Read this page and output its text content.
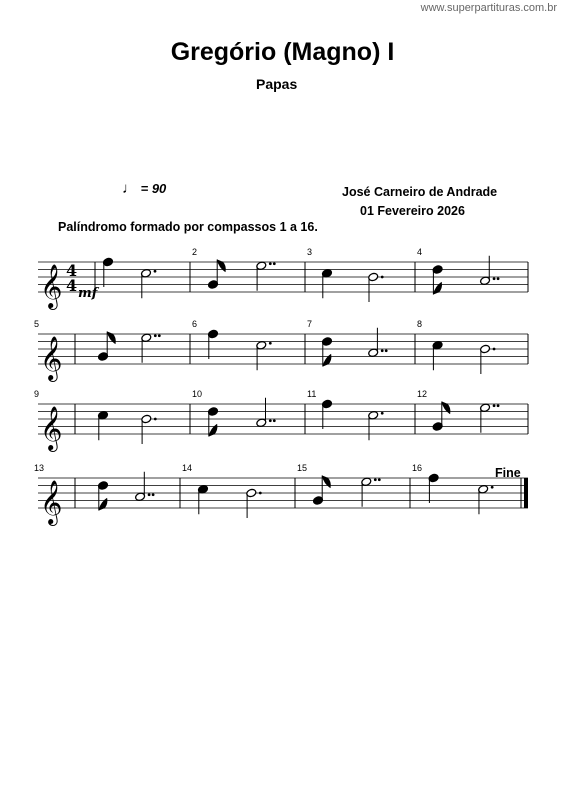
www.superpartituras.com.br
Gregório (Magno) I
Papas
♩ = 90	José Carneiro de Andrade
01 Fevereiro 2026
Palíndromo formado por compassos 1 a 16.
Fine
mf
𝄞 4
4
𝄞
𝄞
𝄞
2	3	4
5	6	7	8
9	10	11	12
13	14	15	16
